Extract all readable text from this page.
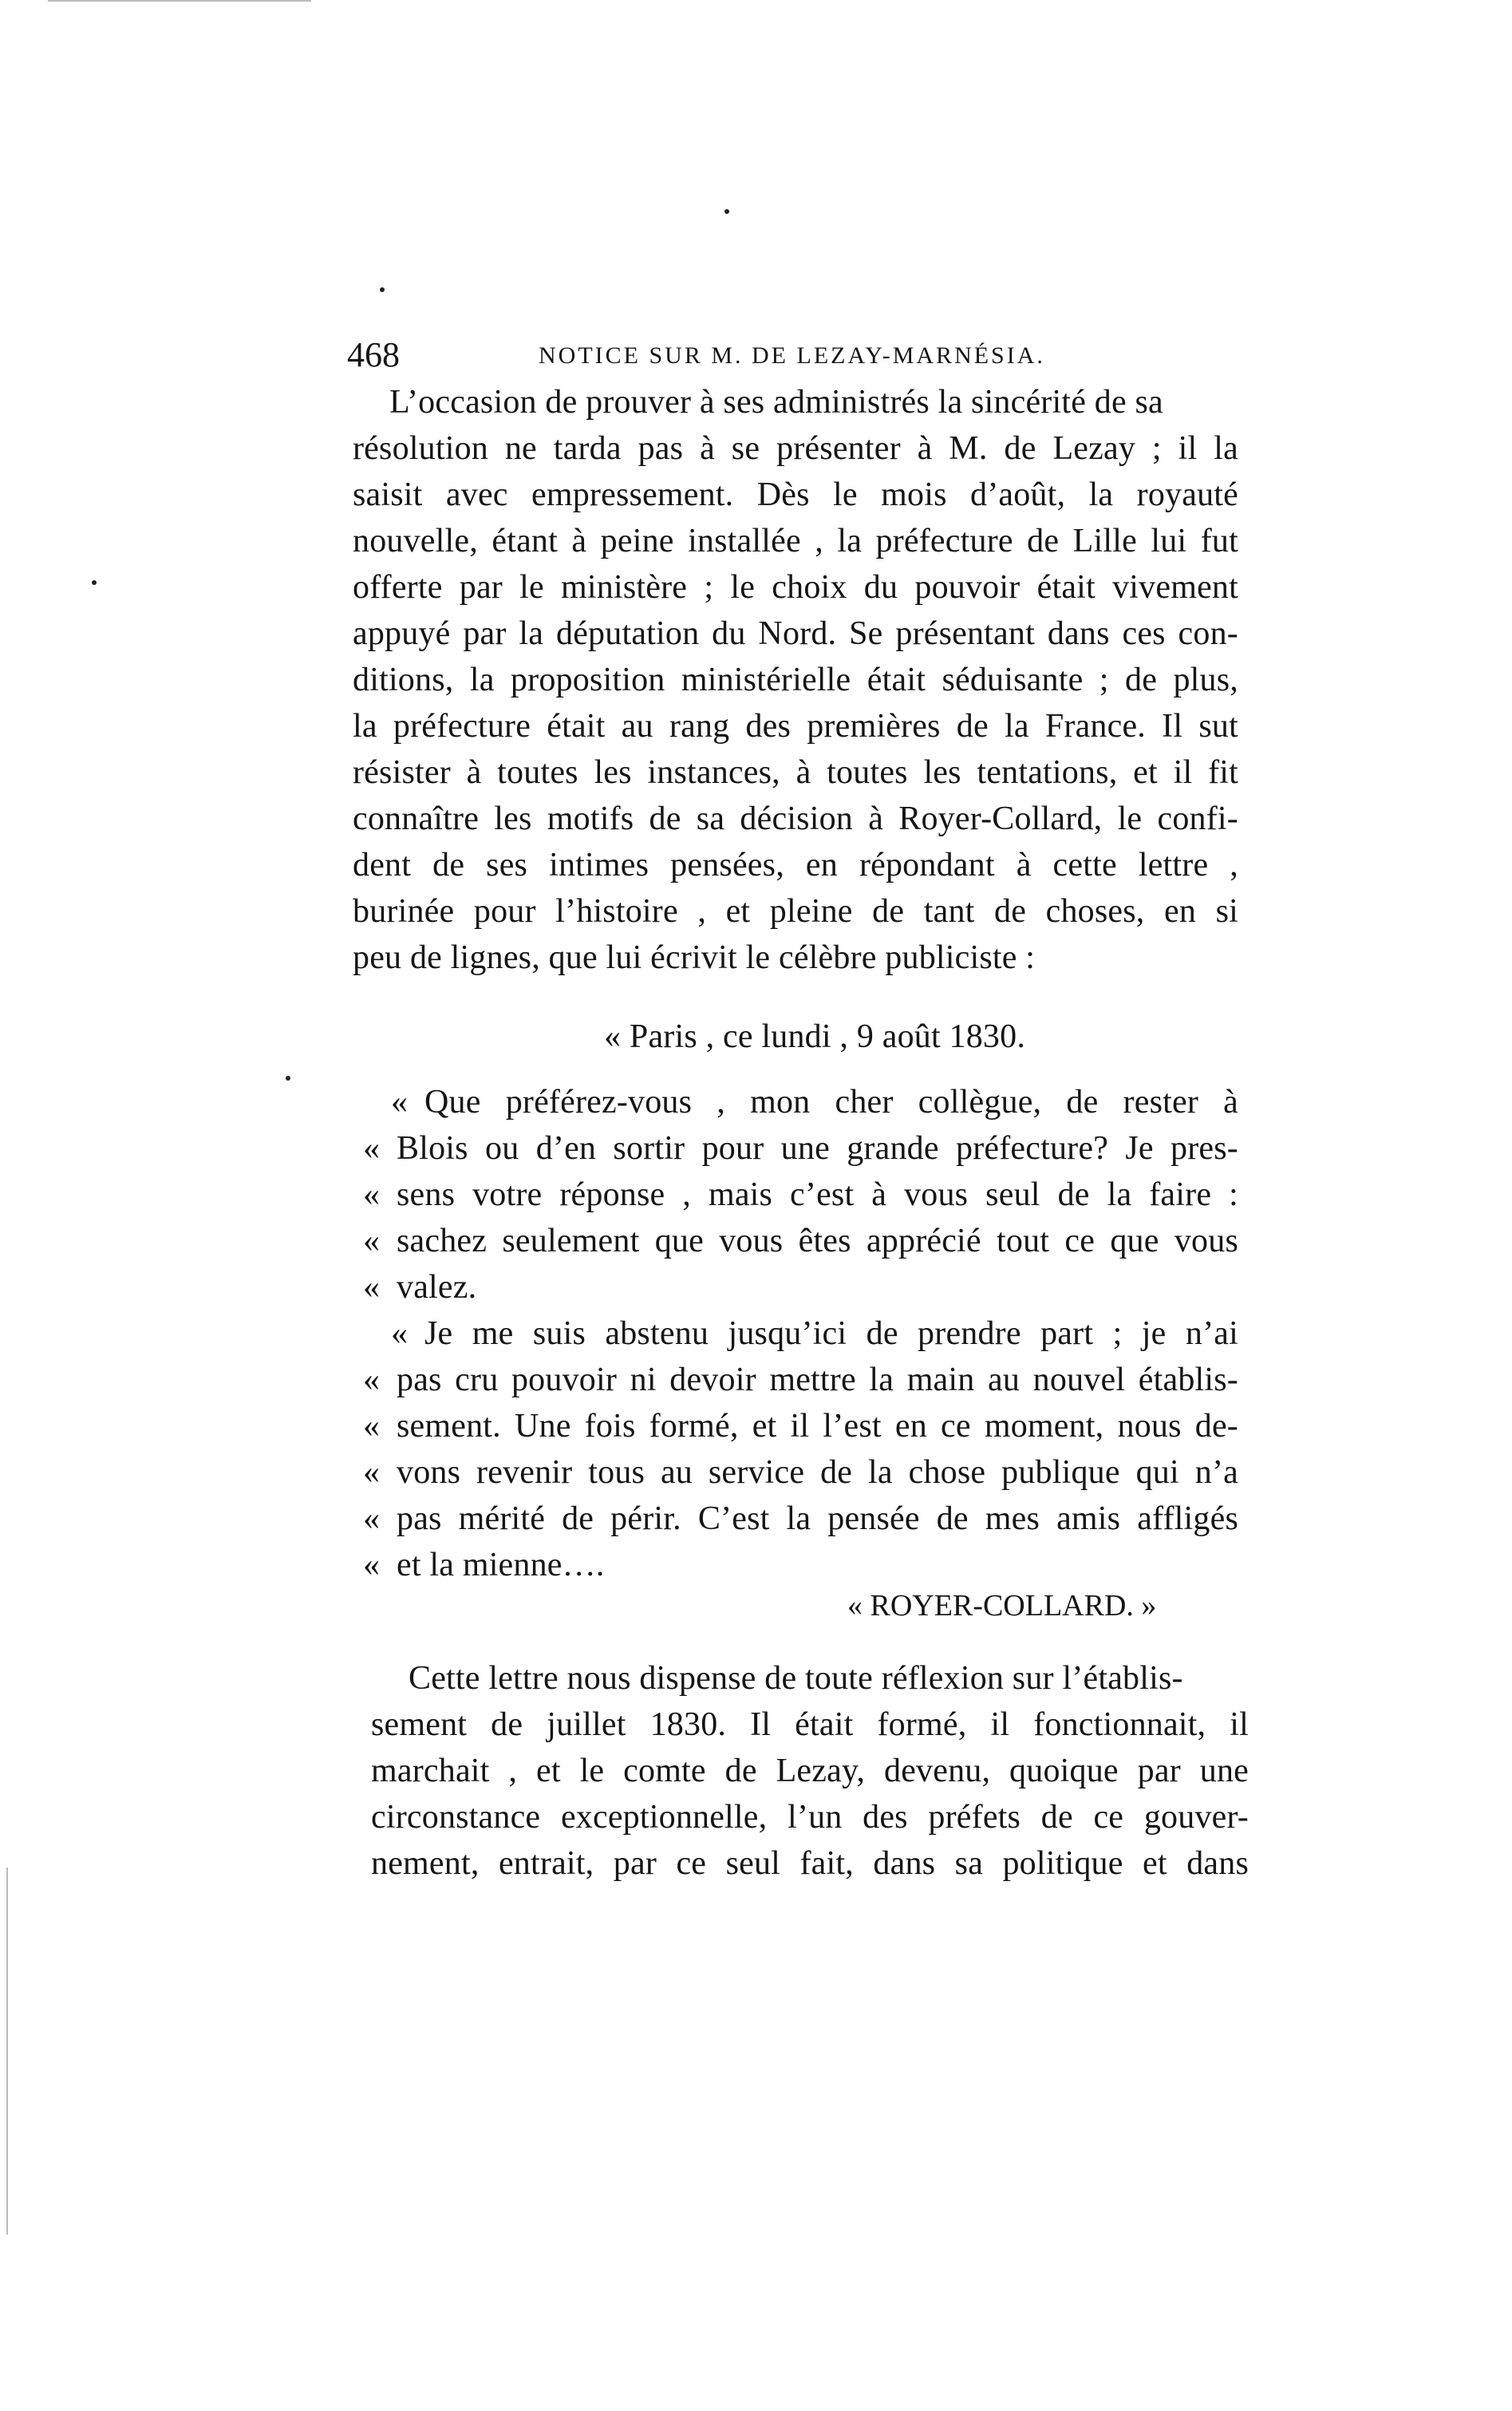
468	NOTICE SUR M. DE LEZAY-MARNÉSIA.
L’occasion de prouver à ses administrés la sincérité de sa
résolution ne tarda pas à se présenter à M. de Lezay ; il la
saisit avec empressement. Dès le mois d’août, la royauté
nouvelle, étant à peine installée , la préfecture de Lille lui fut
offerte par le ministère ; le choix du pouvoir était vivement
appuyé par la députation du Nord. Se présentant dans ces con-
ditions, la proposition ministérielle était séduisante ; de plus,
la préfecture était au rang des premières de la France. Il sut
résister à toutes les instances, à toutes les tentations, et il fit
connaître les motifs de sa décision à Royer-Collard, le confi-
dent de ses intimes pensées, en répondant à cette lettre ,
burinée pour l’histoire , et pleine de tant de choses, en si
peu de lignes, que lui écrivit le célèbre publiciste :
« Paris , ce lundi , 9 août 1830.
« Que préférez-vous , mon cher collègue, de rester à
« Blois ou d’en sortir pour une grande préfecture? Je pres-
« sens votre réponse , mais c’est à vous seul de la faire :
« sachez seulement que vous êtes apprécié tout ce que vous
« valez.
« Je me suis abstenu jusqu’ici de prendre part ; je n’ai
« pas cru pouvoir ni devoir mettre la main au nouvel établis-
« sement. Une fois formé, et il l’est en ce moment, nous de-
« vons revenir tous au service de la chose publique qui n’a
« pas mérité de périr. C’est la pensée de mes amis affligés
« et la mienne….
« ROYER-COLLARD. »
Cette lettre nous dispense de toute réflexion sur l’établis-
sement de juillet 1830. Il était formé, il fonctionnait, il
marchait , et le comte de Lezay, devenu, quoique par une
circonstance exceptionnelle, l’un des préfets de ce gouver-
nement, entrait, par ce seul fait, dans sa politique et dans
